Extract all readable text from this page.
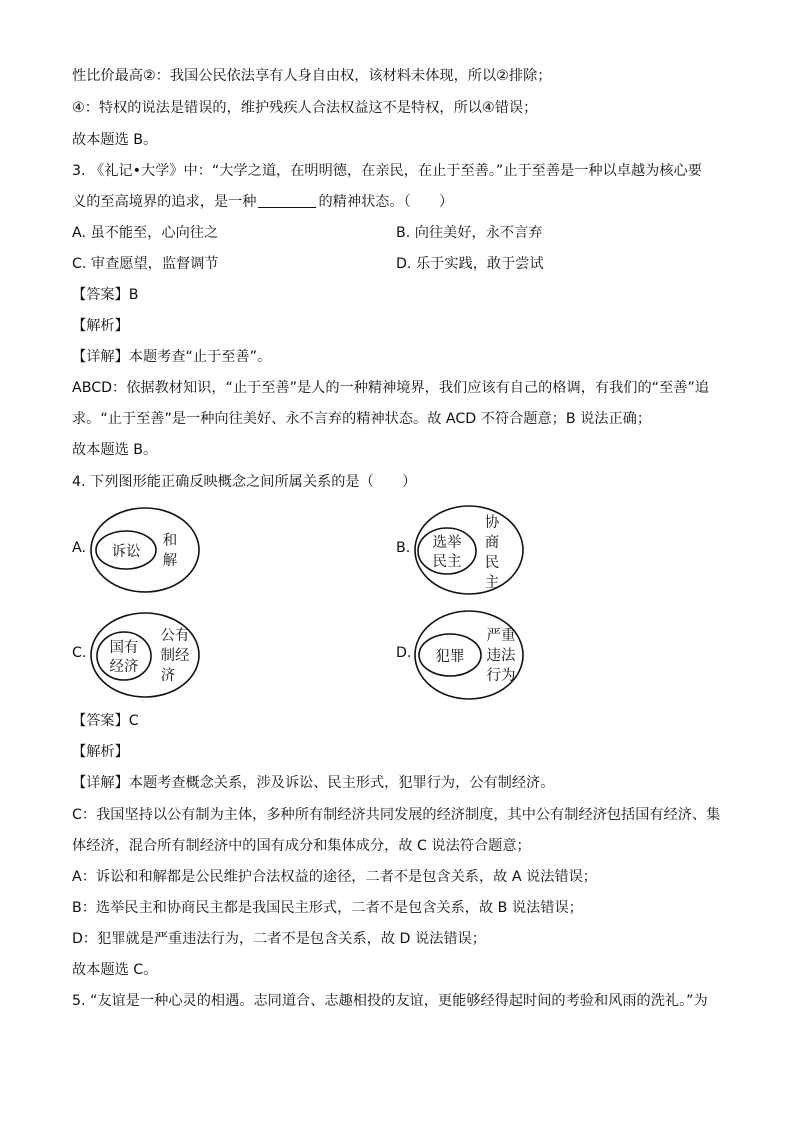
性比价最高②：我国公民依法享有人身自由权，该材料未体现，所以②排除；
④：特权的说法是错误的，维护残疾人合法权益这不是特权，所以④错误；
故本题选 B。
3. 《礼记•大学》中：“大学之道，在明明德，在亲民，在止于至善。”止于至善是一种以卓越为核心要
义的至高境界的追求，是一种	的精神状态。（　　）
A. 虽不能至，心向往之	B. 向往美好，永不言弃
C. 审查愿望，监督调节	D. 乐于实践，敢于尝试
【答案】B
【解析】
【详解】本题考查“止于至善”。
ABCD：依据教材知识，“止于至善”是人的一种精神境界，我们应该有自己的格调，有我们的“至善”追
求。“止于至善”是一种向往美好、永不言弃的精神状态。故 ACD 不符合题意；B 说法正确；
故本题选 B。
4. 下列图形能正确反映概念之间所属关系的是（　　）
A. 诉讼
和
解
B. 选举
民主
协
商
民
主
C. 国有
经济
公有
制经
济
D. 犯罪
严重
违法
行为
【答案】C
【解析】
【详解】本题考查概念关系，涉及诉讼、民主形式，犯罪行为，公有制经济。
C：我国坚持以公有制为主体，多种所有制经济共同发展的经济制度，其中公有制经济包括国有经济、集
体经济，混合所有制经济中的国有成分和集体成分，故 C 说法符合题意；
A：诉讼和和解都是公民维护合法权益的途径，二者不是包含关系，故 A 说法错误；
B：选举民主和协商民主都是我国民主形式，二者不是包含关系，故 B 说法错误；
D：犯罪就是严重违法行为，二者不是包含关系，故 D 说法错误；
故本题选 C。
5. “友谊是一种心灵的相遇。志同道合、志趣相投的友谊，更能够经得起时间的考验和风雨的洗礼。”为
